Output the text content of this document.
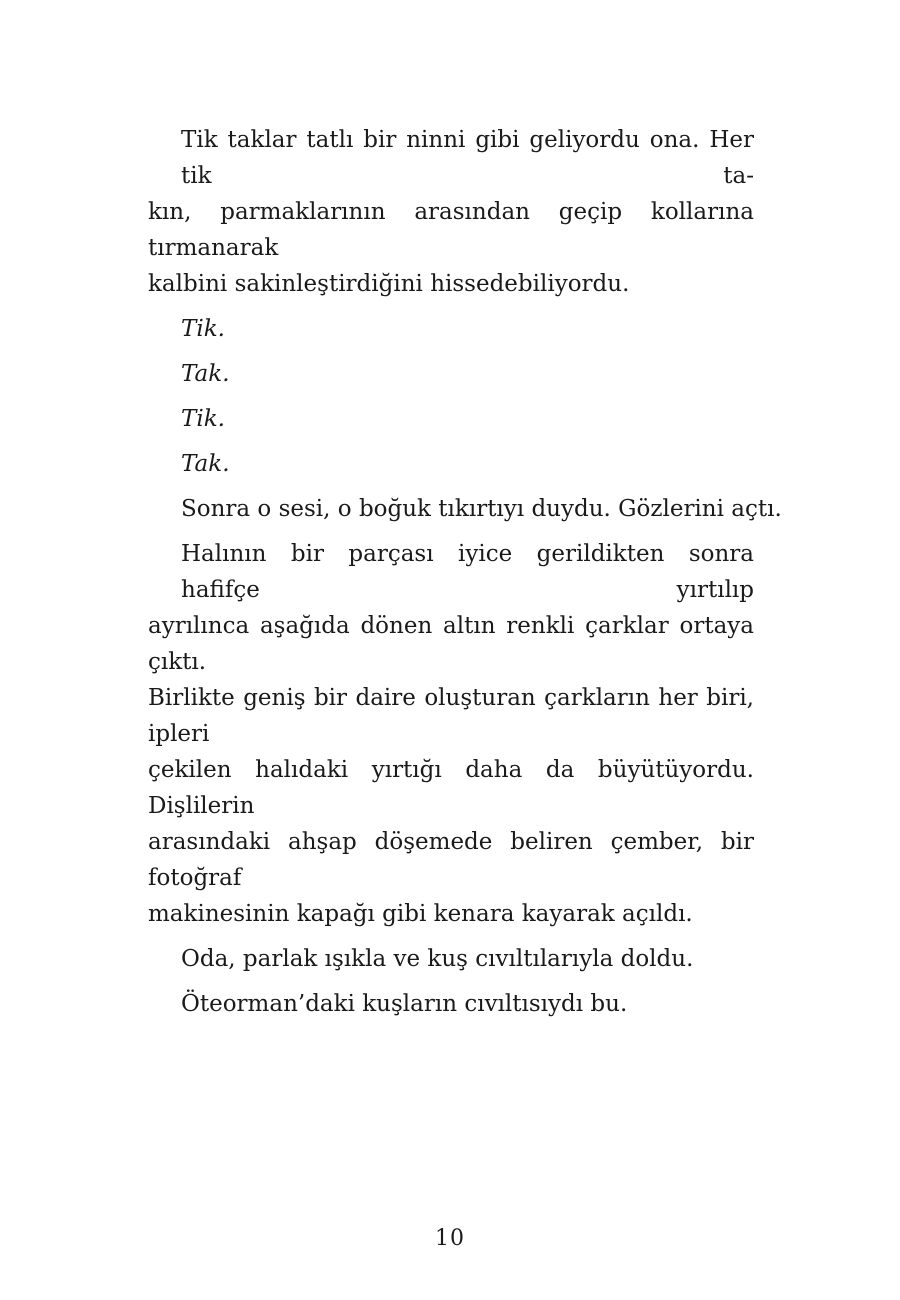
Tik taklar tatlı bir ninni gibi geliyordu ona. Her tik ta-
kın, parmaklarının arasından geçip kollarına tırmanarak
kalbini sakinleştirdiğini hissedebiliyordu.
Tik.
Tak.
Tik.
Tak.
Sonra o sesi, o boğuk tıkırtıyı duydu. Gözlerini açtı.
Halının bir parçası iyice gerildikten sonra hafifçe yırtılıp
ayrılınca aşağıda dönen altın renkli çarklar ortaya çıktı.
Birlikte geniş bir daire oluşturan çarkların her biri, ipleri
çekilen halıdaki yırtığı daha da büyütüyordu. Dişlilerin
arasındaki ahşap döşemede beliren çember, bir fotoğraf
makinesinin kapağı gibi kenara kayarak açıldı.
Oda, parlak ışıkla ve kuş cıvıltılarıyla doldu.
Öteorman’daki kuşların cıvıltısıydı bu.
10
